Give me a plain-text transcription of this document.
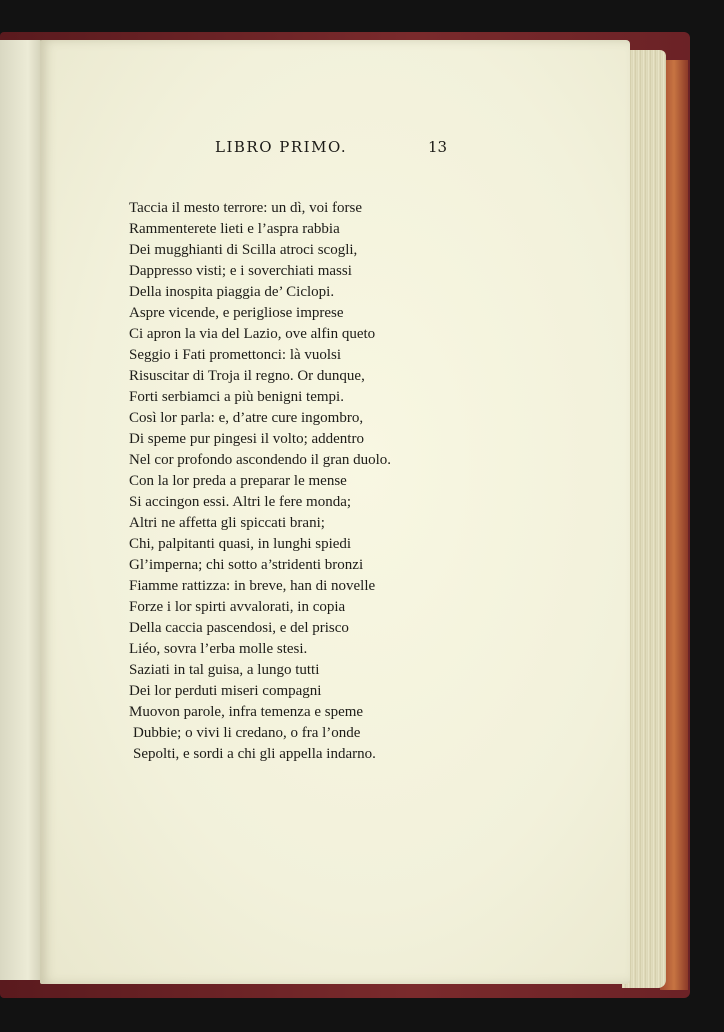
LIBRO PRIMO.	13
Taccia il mesto terrore: un dì, voi forse
Rammenterete lieti e l’aspra rabbia
Dei mugghianti di Scilla atroci scogli,
Dappresso visti; e i soverchiati massi
Della inospita piaggia de’ Ciclopi.
Aspre vicende, e perigliose imprese
Ci apron la via del Lazio, ove alfin queto
Seggio i Fati promettonci: là vuolsi
Risuscitar di Troja il regno. Or dunque,
Forti serbiamci a più benigni tempi.
Così lor parla: e, d’atre cure ingombro,
Di speme pur pingesi il volto; addentro
Nel cor profondo ascondendo il gran duolo.
Con la lor preda a preparar le mense
Si accingon essi. Altri le fere monda;
Altri ne affetta gli spiccati brani;
Chi, palpitanti quasi, in lunghi spiedi
Gl’imperna; chi sotto a’stridenti bronzi
Fiamme rattizza: in breve, han di novelle
Forze i lor spirti avvalorati, in copia
Della caccia pascendosi, e del prisco
Liéo, sovra l’erba molle stesi.
Saziati in tal guisa, a lungo tutti
Dei lor perduti miseri compagni
Muovon parole, infra temenza e speme
Dubbie; o vivi li credano, o fra l’onde
Sepolti, e sordi a chi gli appella indarno.
